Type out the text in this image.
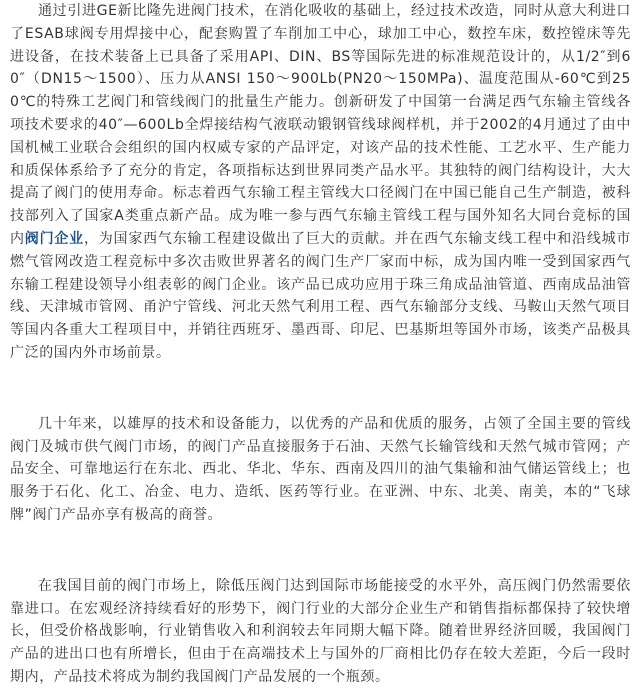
通过引进GE新比隆先进阀门技术，在消化吸收的基础上，经过技术改造，同时从意大利进口了ESAB球阀专用焊接中心，配套购置了车削加工中心，球加工中心，数控车床，数控镗床等先进设备，在技术装备上已具备了采用API、DIN、BS等国际先进的标准规范设计的，从1/2″到60″（DN15～1500）、压力从ANSI 150～900Lb(PN20～150MPa)、温度范围从-60℃到250℃的特殊工艺阀门和管线阀门的批量生产能力。创新研发了中国第一台满足西气东输主管线各项技术要求的40″—600Lb全焊接结构气液联动锻钢管线球阀样机，并于2002的4月通过了由中国机械工业联合会组织的国内权威专家的产品评定，对该产品的技术性能、工艺水平、生产能力和质保体系给予了充分的肯定，各项指标达到世界同类产品水平。其独特的阀门结构设计，大大提高了阀门的使用寿命。标志着西气东输工程主管线大口径阀门在中国已能自己生产制造，被科技部列入了国家A类重点新产品。成为唯一参与西气东输主管线工程与国外知名大同台竞标的国内阀门企业，为国家西气东输工程建设做出了巨大的贡献。并在西气东输支线工程中和沿线城市燃气管网改造工程竞标中多次击败世界著名的阀门生产厂家而中标，成为国内唯一受到国家西气东输工程建设领导小组表彰的阀门企业。该产品已成功应用于珠三角成品油管道、西南成品油管线、天津城市管网、甬沪宁管线、河北天然气利用工程、西气东输部分支线、马鞍山天然气项目等国内各重大工程项目中，并销往西班牙、墨西哥、印尼、巴基斯坦等国外市场，该类产品极具广泛的国内外市场前景。

几十年来，以雄厚的技术和设备能力，以优秀的产品和优质的服务，占领了全国主要的管线阀门及城市供气阀门市场，的阀门产品直接服务于石油、天然气长输管线和天然气城市管网；产品安全、可靠地运行在东北、西北、华北、华东、西南及四川的油气集输和油气储运管线上；也服务于石化、化工、冶金、电力、造纸、医药等行业。在亚洲、中东、北美、南美，本的“飞球牌”阀门产品亦享有极高的商誉。

在我国目前的阀门市场上，除低压阀门达到国际市场能接受的水平外，高压阀门仍然需要依靠进口。在宏观经济持续看好的形势下，阀门行业的大部分企业生产和销售指标都保持了较快增长，但受价格战影响，行业销售收入和利润较去年同期大幅下降。随着世界经济回暖，我国阀门产品的进出口也有所增长，但由于在高端技术上与国外的厂商相比仍存在较大差距，今后一段时期内，产品技术将成为制约我国阀门产品发展的一个瓶颈。
